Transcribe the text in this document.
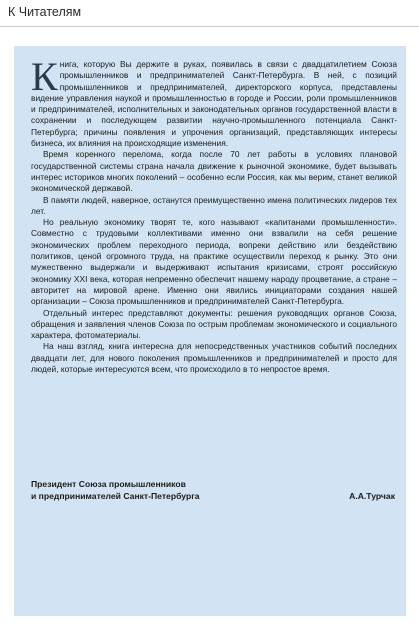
К Читателям

Книга, которую Вы держите в руках, появилась в связи с двадцатилетием Союза промышленников и предпринимателей Санкт-Петербурга. В ней, с позиций промышленников и предпринимателей, директорского корпуса, представлены видение управления наукой и промышленностью в городе и России, роли промышленников и предпринимателей, исполнительных и законодательных органов государственной власти в сохранении и последующем развитии научно-промышленного потенциала Санкт-Петербурга; причины появления и упрочения организаций, представляющих интересы бизнеса, их влияния на происходящие изменения.

Время коренного перелома, когда после 70 лет работы в условиях плановой государственной системы страна начала движение к рыночной экономике, будет вызывать интерес историков многих поколений – особенно если Россия, как мы верим, станет великой экономической державой.

В памяти людей, наверное, останутся преимущественно имена политических лидеров тех лет.

Но реальную экономику творят те, кого называют «капитанами промышленности». Совместно с трудовыми коллективами именно они взвалили на себя решение экономических проблем переходного периода, вопреки действию или бездействию политиков, ценой огромного труда, на практике осуществили переход к рынку. Это они мужественно выдержали и выдерживают испытания кризисами, строят российскую экономику XXI века, которая непременно обеспечит нашему народу процветание, а стране – авторитет на мировой арене. Именно они явились инициаторами создания нашей организации – Союза промышленников и предпринимателей Санкт-Петербурга.

Отдельный интерес представляют документы: решения руководящих органов Союза, обращения и заявления членов Союза по острым проблемам экономического и социального характера, фотоматериалы.

На наш взгляд, книга интересна для непосредственных участников событий последних двадцати лет, для нового поколения промышленников и предпринимателей и просто для людей, которые интересуются всем, что происходило в то непростое время.

Президент Союза промышленников
и предпринимателей Санкт-Петербурга	А.А.Турчак
